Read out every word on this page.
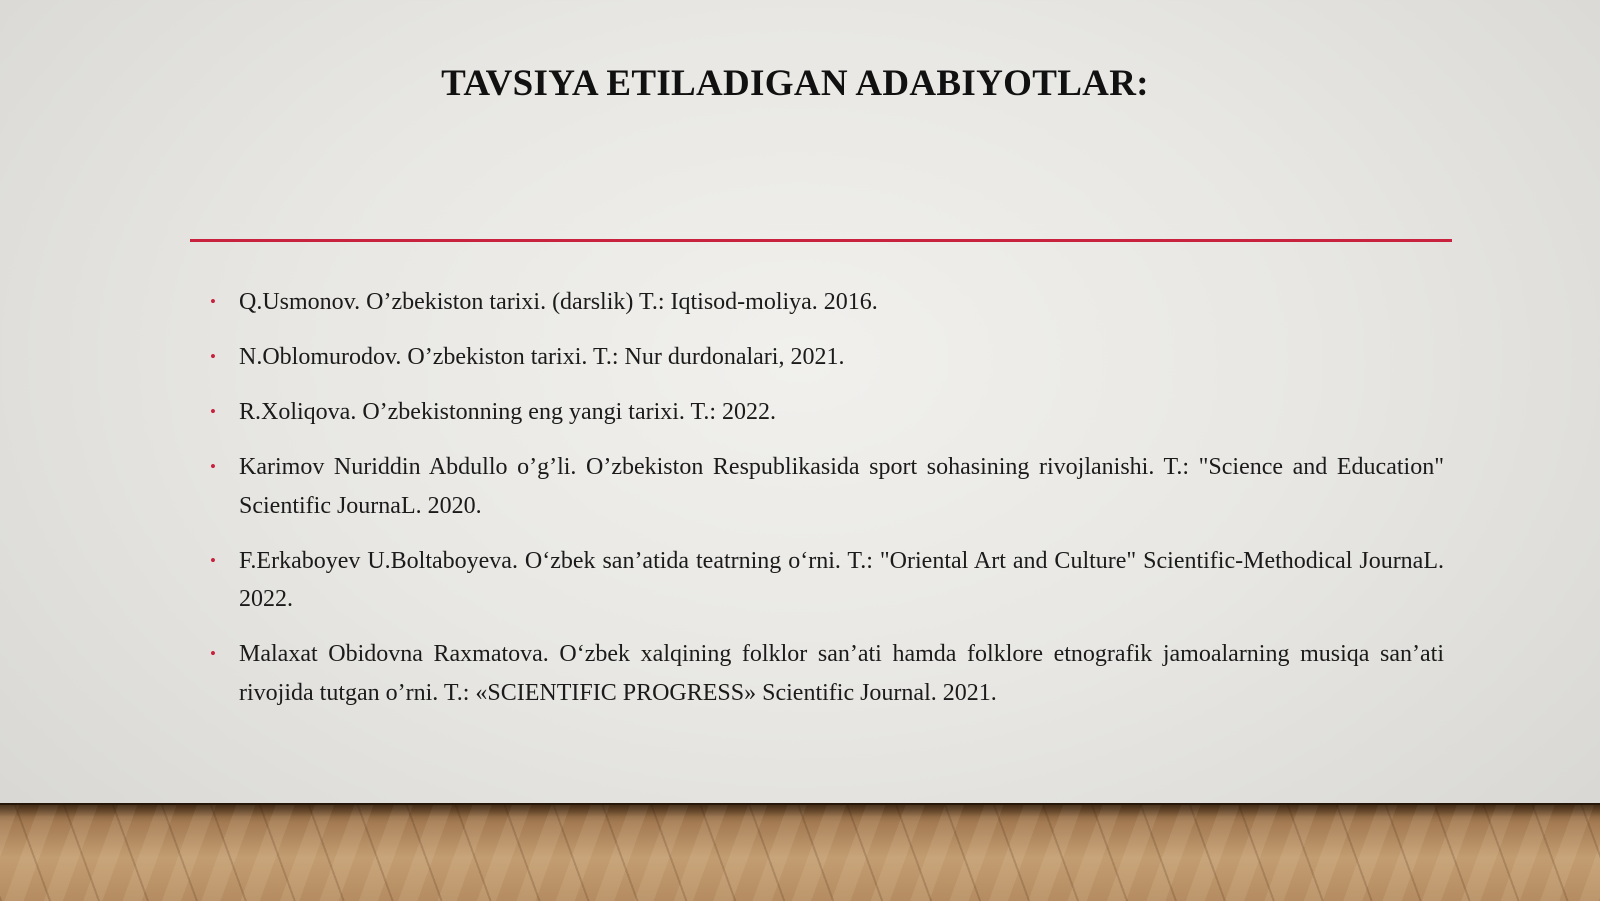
TAVSIYA ETILADIGAN ADABIYOTLAR:
• Q.Usmonov. O’zbekiston tarixi. (darslik) T.: Iqtisod-moliya. 2016.
• N.Oblomurodov. O’zbekiston tarixi. T.: Nur durdonalari, 2021.
• R.Xoliqova. O’zbekistonning eng yangi tarixi. T.: 2022.
• Karimov Nuriddin Abdullo o’g’li. O’zbekiston Respublikasida sport sohasining rivojlanishi. T.: "Science and Education" Scientific JournaL. 2020.
• F.Erkaboyev U.Boltaboyeva. O‘zbek san’atida teatrning o‘rni. T.: "Oriental Art and Culture" Scientific-Methodical JournaL. 2022.
• Malaxat Obidovna Raxmatova. O‘zbek xalqining folklor san’ati hamda folklore etnografik jamoalarning musiqa san’ati rivojida tutgan o’rni. T.: «SCIENTIFIC PROGRESS» Scientific Journal. 2021.
